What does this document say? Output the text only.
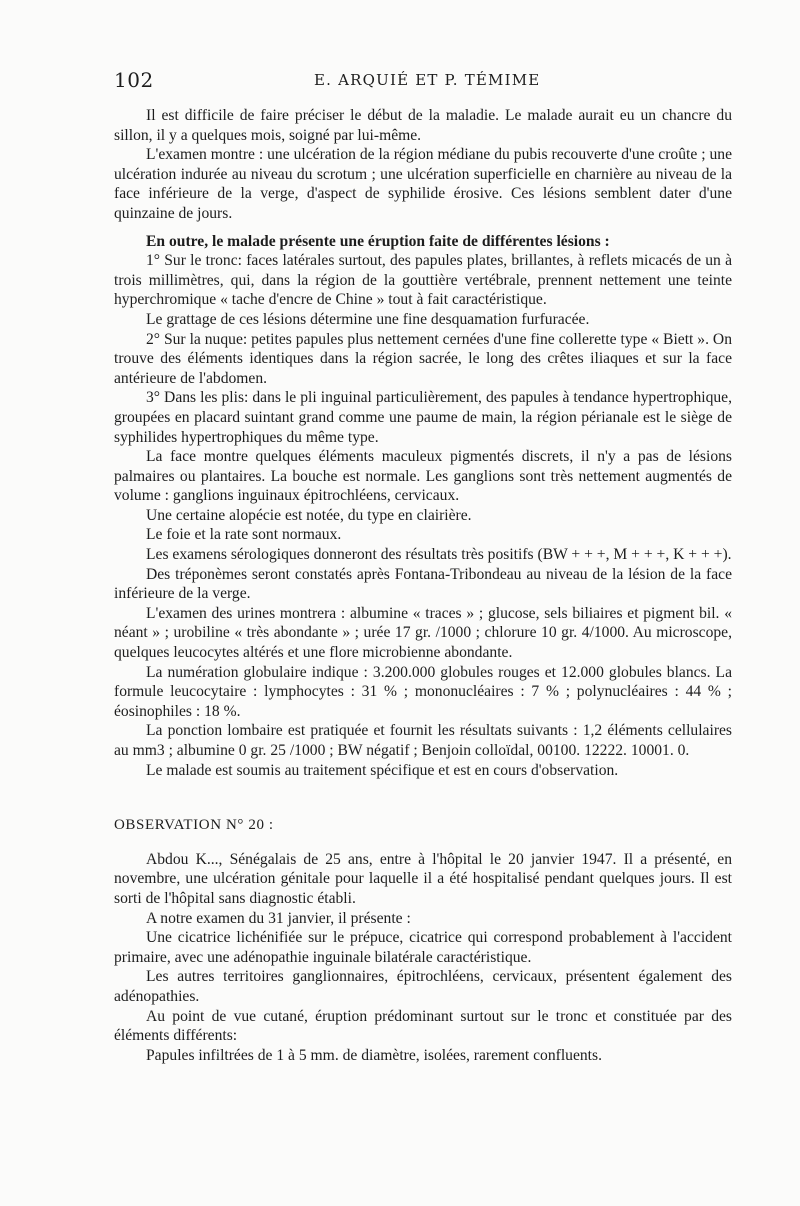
102	E. ARQUIÉ ET P. TÉMIME

Il est difficile de faire préciser le début de la maladie. Le malade aurait eu un chancre du sillon, il y a quelques mois, soigné par lui-même.

L'examen montre : une ulcération de la région médiane du pubis recouverte d'une croûte ; une ulcération indurée au niveau du scrotum ; une ulcération superficielle en charnière au niveau de la face inférieure de la verge, d'aspect de syphilide érosive. Ces lésions semblent dater d'une quinzaine de jours.

En outre, le malade présente une éruption faite de différentes lésions :

1° Sur le tronc: faces latérales surtout, des papules plates, brillantes, à reflets micacés de un à trois millimètres, qui, dans la région de la gouttière vertébrale, prennent nettement une teinte hyperchromique « tache d'encre de Chine » tout à fait caractéristique.

Le grattage de ces lésions détermine une fine desquamation furfuracée.

2° Sur la nuque: petites papules plus nettement cernées d'une fine collerette type « Biett ». On trouve des éléments identiques dans la région sacrée, le long des crêtes iliaques et sur la face antérieure de l'abdomen.

3° Dans les plis: dans le pli inguinal particulièrement, des papules à tendance hypertrophique, groupées en placard suintant grand comme une paume de main, la région périanale est le siège de syphilides hypertrophiques du même type.

La face montre quelques éléments maculeux pigmentés discrets, il n'y a pas de lésions palmaires ou plantaires. La bouche est normale. Les ganglions sont très nettement augmentés de volume : ganglions inguinaux épitrochléens, cervicaux.

Une certaine alopécie est notée, du type en clairière.

Le foie et la rate sont normaux.

Les examens sérologiques donneront des résultats très positifs (BW + + +, M + + +, K + + +).

Des tréponèmes seront constatés après Fontana-Tribondeau au niveau de la lésion de la face inférieure de la verge.

L'examen des urines montrera : albumine « traces » ; glucose, sels biliaires et pigment bil. « néant » ; urobiline « très abondante » ; urée 17 gr. /1000 ; chlorure 10 gr. 4/1000. Au microscope, quelques leucocytes altérés et une flore microbienne abondante.

La numération globulaire indique : 3.200.000 globules rouges et 12.000 globules blancs. La formule leucocytaire : lymphocytes : 31 % ; mononucléaires : 7 % ; polynucléaires : 44 % ; éosinophiles : 18 %.

La ponction lombaire est pratiquée et fournit les résultats suivants : 1,2 éléments cellulaires au mm3 ; albumine 0 gr. 25 /1000 ; BW négatif ; Benjoin colloïdal, 00100. 12222. 10001. 0.

Le malade est soumis au traitement spécifique et est en cours d'observation.

OBSERVATION N° 20 :

Abdou K..., Sénégalais de 25 ans, entre à l'hôpital le 20 janvier 1947. Il a présenté, en novembre, une ulcération génitale pour laquelle il a été hospitalisé pendant quelques jours. Il est sorti de l'hôpital sans diagnostic établi.

A notre examen du 31 janvier, il présente :

Une cicatrice lichénifiée sur le prépuce, cicatrice qui correspond probablement à l'accident primaire, avec une adénopathie inguinale bilatérale caractéristique.

Les autres territoires ganglionnaires, épitrochléens, cervicaux, présentent également des adénopathies.

Au point de vue cutané, éruption prédominant surtout sur le tronc et constituée par des éléments différents:

Papules infiltrées de 1 à 5 mm. de diamètre, isolées, rarement confluents.
